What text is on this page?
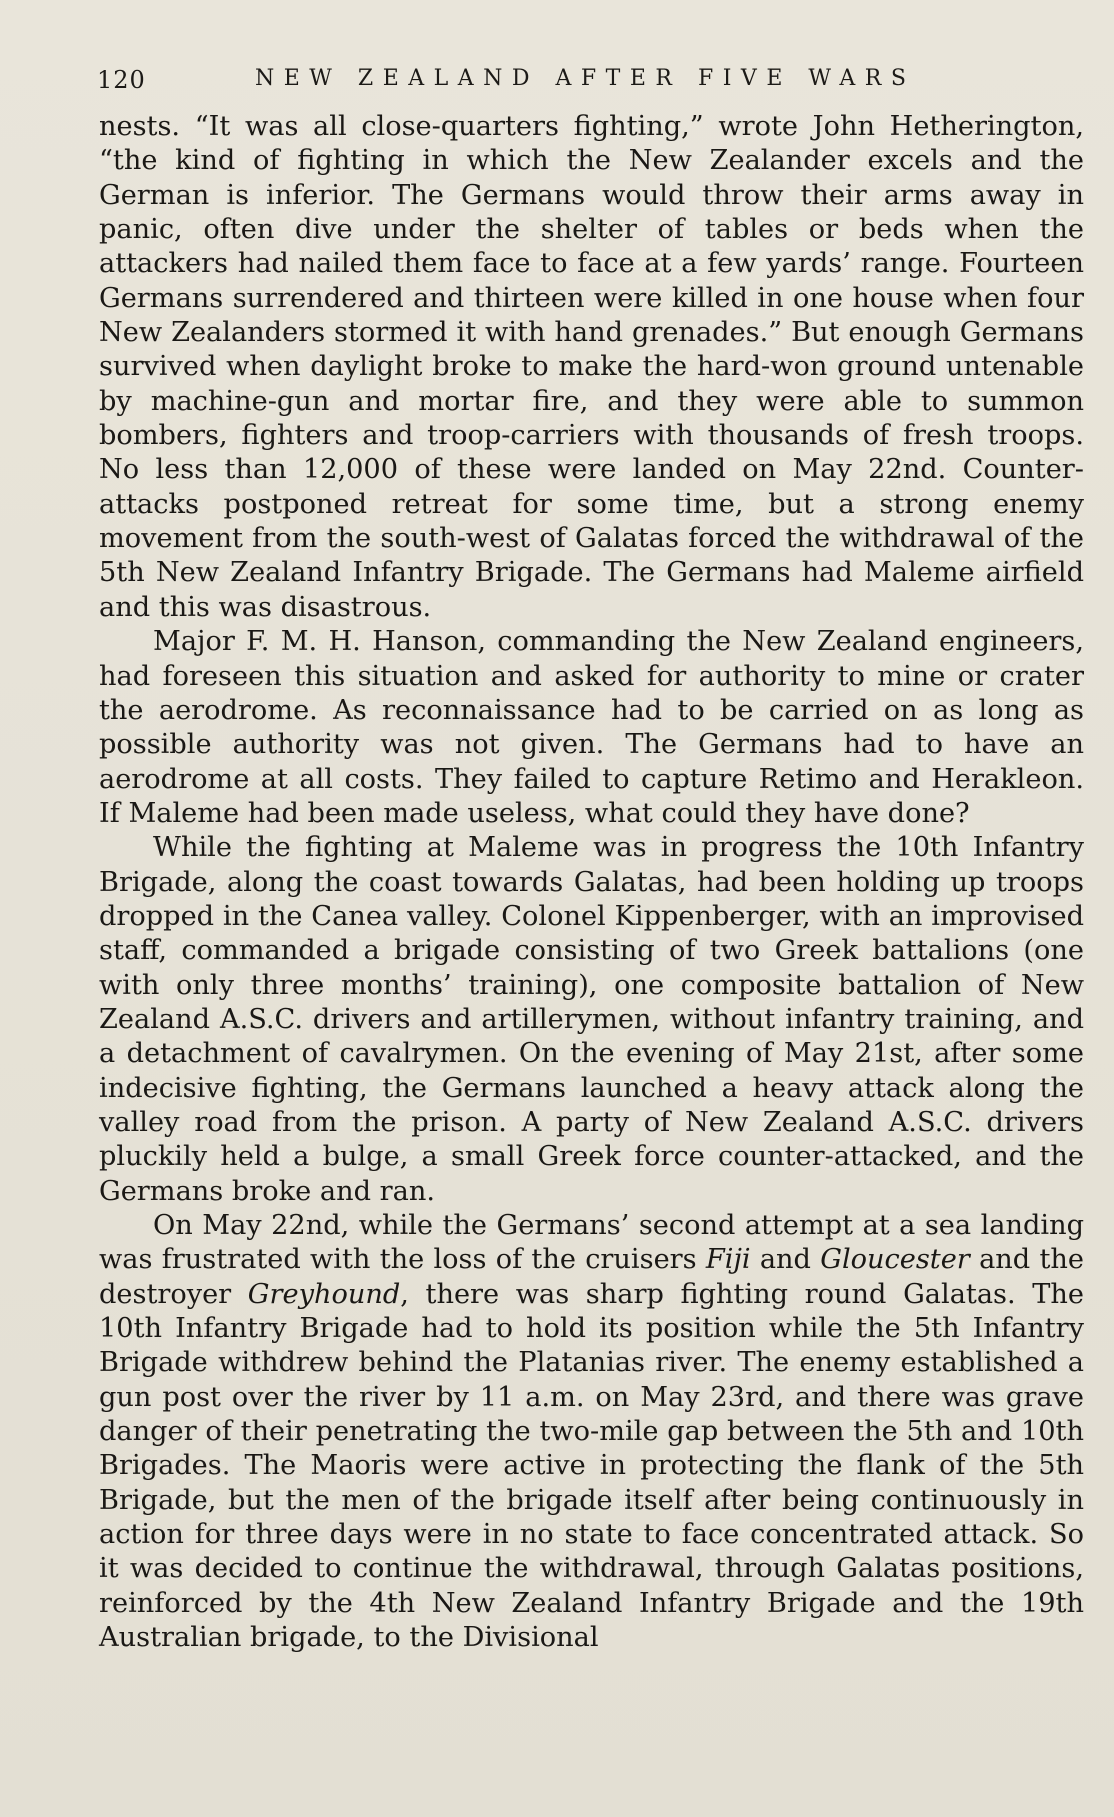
120	NEW ZEALAND AFTER FIVE WARS

nests. “It was all close-quarters fighting,” wrote John Hetherington, “the kind of fighting in which the New Zealander excels and the German is inferior. The Germans would throw their arms away in panic, often dive under the shelter of tables or beds when the attackers had nailed them face to face at a few yards’ range. Fourteen Germans surrendered and thirteen were killed in one house when four New Zealanders stormed it with hand grenades.” But enough Germans survived when daylight broke to make the hard-won ground untenable by machine-gun and mortar fire, and they were able to summon bombers, fighters and troop-carriers with thousands of fresh troops. No less than 12,000 of these were landed on May 22nd. Counter-attacks postponed retreat for some time, but a strong enemy movement from the south-west of Galatas forced the withdrawal of the 5th New Zealand Infantry Brigade. The Germans had Maleme airfield and this was disastrous.

Major F. M. H. Hanson, commanding the New Zealand engineers, had foreseen this situation and asked for authority to mine or crater the aerodrome. As reconnaissance had to be carried on as long as possible authority was not given. The Germans had to have an aerodrome at all costs. They failed to capture Retimo and Herakleon. If Maleme had been made useless, what could they have done?

While the fighting at Maleme was in progress the 10th Infantry Brigade, along the coast towards Galatas, had been holding up troops dropped in the Canea valley. Colonel Kippenberger, with an improvised staff, commanded a brigade consisting of two Greek battalions (one with only three months’ training), one composite battalion of New Zealand A.S.C. drivers and artillerymen, without infantry training, and a detachment of cavalrymen. On the evening of May 21st, after some indecisive fighting, the Germans launched a heavy attack along the valley road from the prison. A party of New Zealand A.S.C. drivers pluckily held a bulge, a small Greek force counter-attacked, and the Germans broke and ran.

On May 22nd, while the Germans’ second attempt at a sea landing was frustrated with the loss of the cruisers Fiji and Gloucester and the destroyer Greyhound, there was sharp fighting round Galatas. The 10th Infantry Brigade had to hold its position while the 5th Infantry Brigade withdrew behind the Platanias river. The enemy established a gun post over the river by 11 a.m. on May 23rd, and there was grave danger of their penetrating the two-mile gap between the 5th and 10th Brigades. The Maoris were active in protecting the flank of the 5th Brigade, but the men of the brigade itself after being continuously in action for three days were in no state to face concentrated attack. So it was decided to continue the withdrawal, through Galatas positions, reinforced by the 4th New Zealand Infantry Brigade and the 19th Australian brigade, to the Divisional
